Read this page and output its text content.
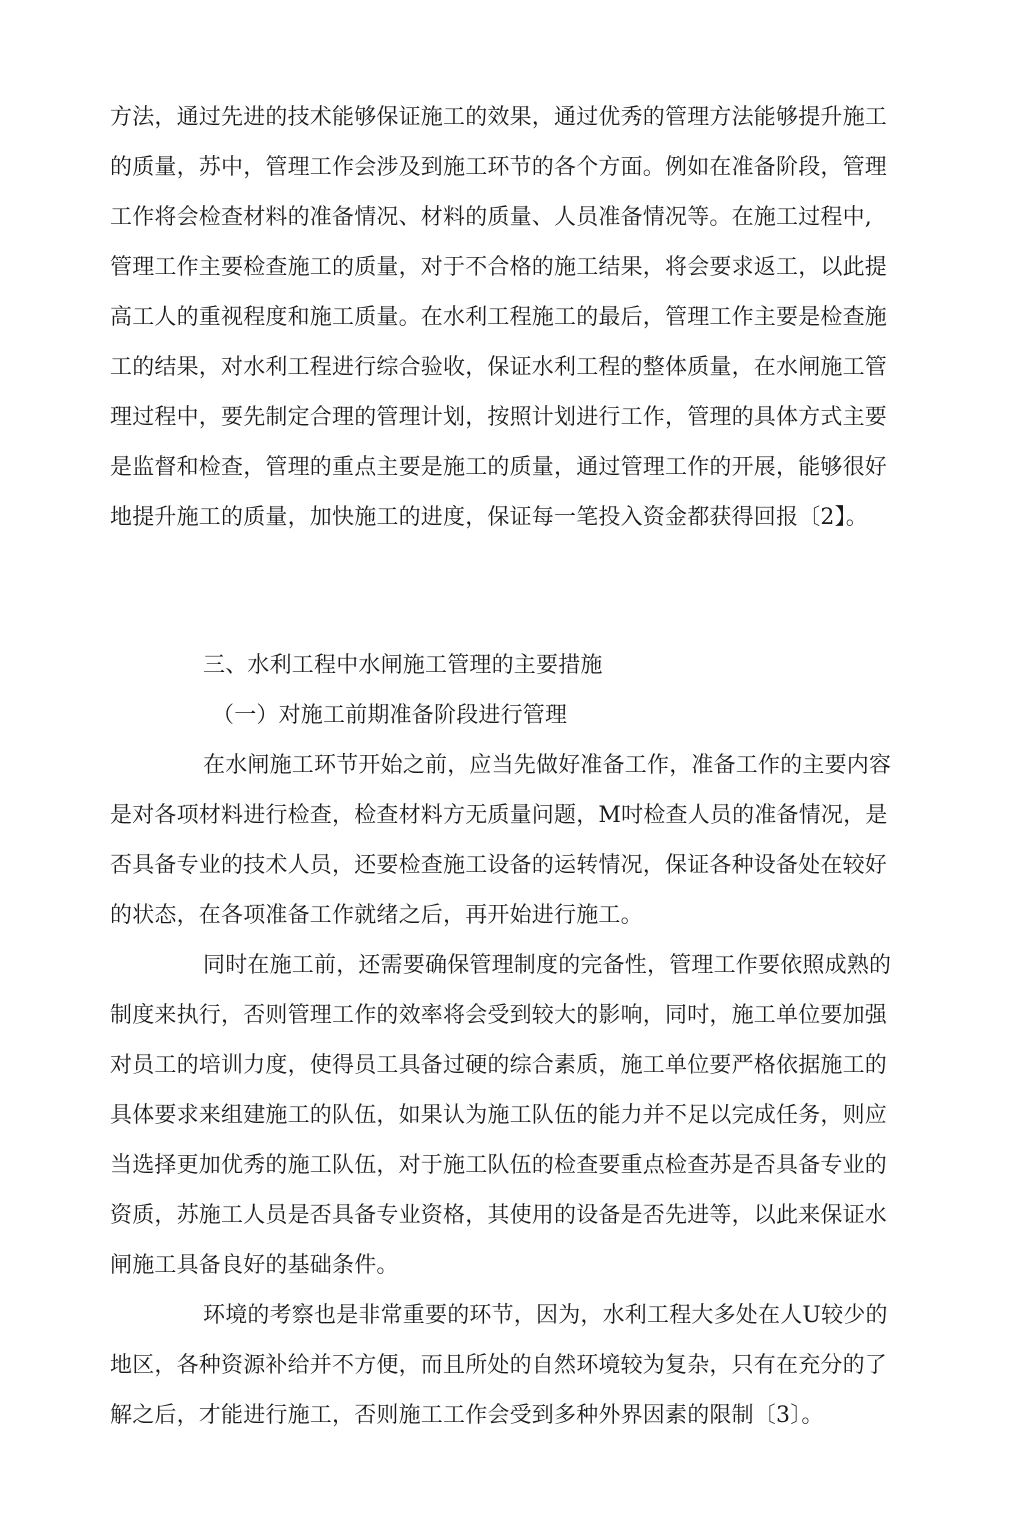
方法，通过先进的技术能够保证施工的效果，通过优秀的管理方法能够提升施工
的质量，苏中，管理工作会涉及到施工环节的各个方面。例如在准备阶段，管理
工作将会检查材料的准备情况、材料的质量、人员准备情况等。在施工过程中,
管理工作主要检查施工的质量，对于不合格的施工结果，将会要求返工，以此提
高工人的重视程度和施工质量。在水利工程施工的最后，管理工作主要是检查施
工的结果，对水利工程进行综合验收，保证水利工程的整体质量，在水闸施工管
理过程中，要先制定合理的管理计划，按照计划进行工作，管理的具体方式主要
是监督和检查，管理的重点主要是施工的质量，通过管理工作的开展，能够很好
地提升施工的质量，加快施工的进度，保证每一笔投入资金都获得回报〔2】。
三、水利工程中水闸施工管理的主要措施
（一）对施工前期准备阶段进行管理
在水闸施工环节开始之前，应当先做好准备工作，准备工作的主要内容
是对各项材料进行检查，检查材料方无质量问题，M吋检查人员的准备情况，是
否具备专业的技术人员，还要检查施工设备的运转情况，保证各种设备处在较好
的状态，在各项准备工作就绪之后，再开始进行施工。
同时在施工前，还需要确保管理制度的完备性，管理工作要依照成熟的
制度来执行，否则管理工作的效率将会受到较大的影响，同吋，施工单位要加强
对员工的培训力度，使得员工具备过硬的综合素质，施工单位要严格依据施工的
具体要求来组建施工的队伍，如果认为施工队伍的能力并不足以完成任务，则应
当选择更加优秀的施工队伍，对于施工队伍的检查要重点检查苏是否具备专业的
资质，苏施工人员是否具备专业资格，其使用的设备是否先进等，以此来保证水
闸施工具备良好的基础条件。
环境的考察也是非常重要的环节，因为，水利工程大多处在人U较少的
地区，各种资源补给并不方便，而且所处的自然环境较为复杂，只有在充分的了
解之后，才能进行施工，否则施工工作会受到多种外界因素的限制〔3〕。
